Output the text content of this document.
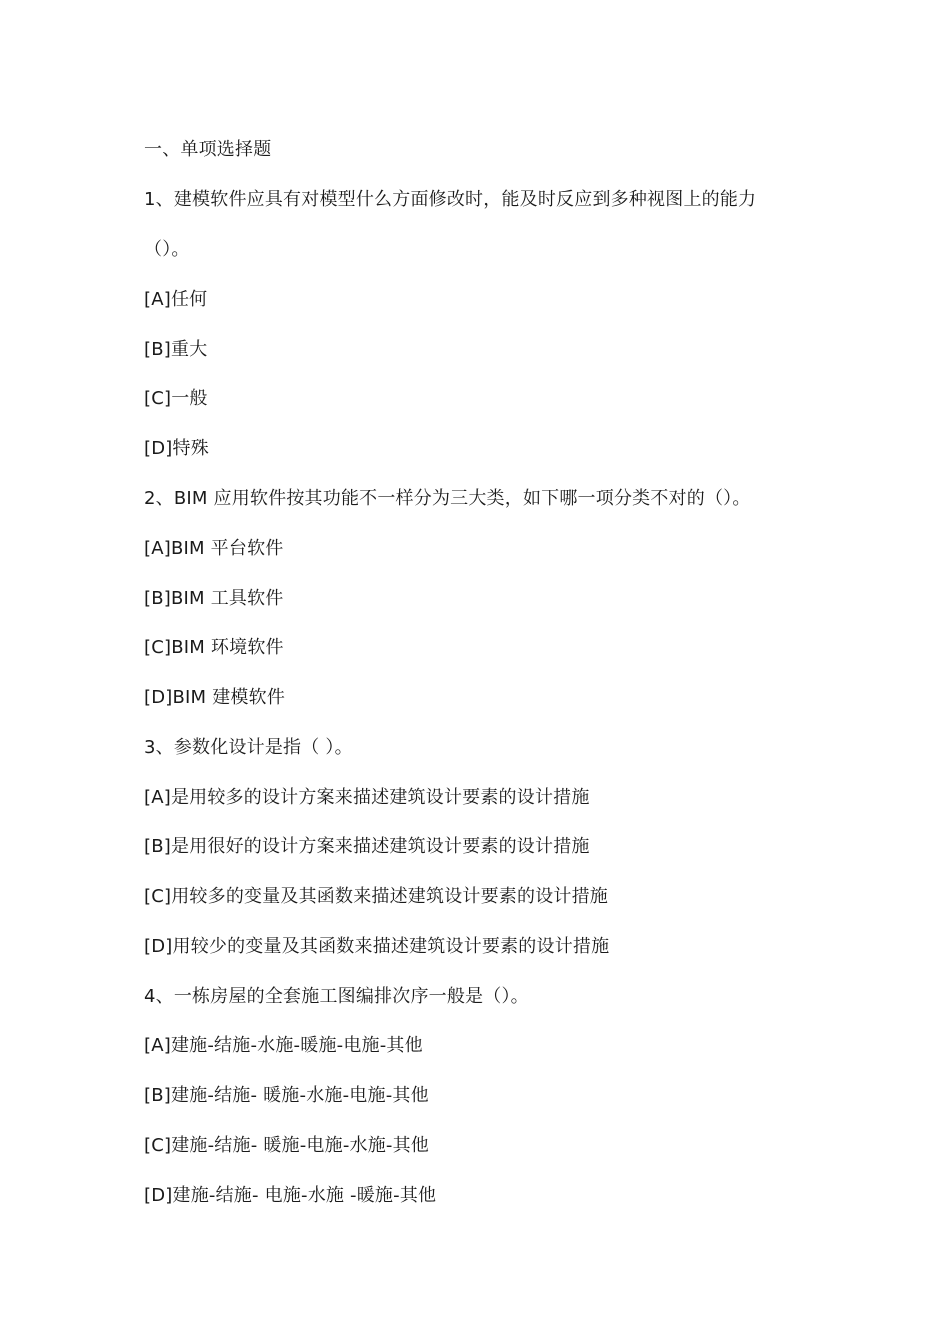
一、单项选择题
1、建模软件应具有对模型什么方面修改时，能及时反应到多种视图上的能力
（）。
[A]任何
[B]重大
[C]一般
[D]特殊
2、BIM 应用软件按其功能不一样分为三大类，如下哪一项分类不对的（）。
[A]BIM 平台软件
[B]BIM 工具软件
[C]BIM 环境软件
[D]BIM 建模软件
3、参数化设计是指（ ）。
[A]是用较多的设计方案来描述建筑设计要素的设计措施
[B]是用很好的设计方案来描述建筑设计要素的设计措施
[C]用较多的变量及其函数来描述建筑设计要素的设计措施
[D]用较少的变量及其函数来描述建筑设计要素的设计措施
4、一栋房屋的全套施工图编排次序一般是（）。
[A]建施-结施-水施-暖施-电施-其他
[B]建施-结施- 暖施-水施-电施-其他
[C]建施-结施- 暖施-电施-水施-其他
[D]建施-结施- 电施-水施 -暖施-其他
